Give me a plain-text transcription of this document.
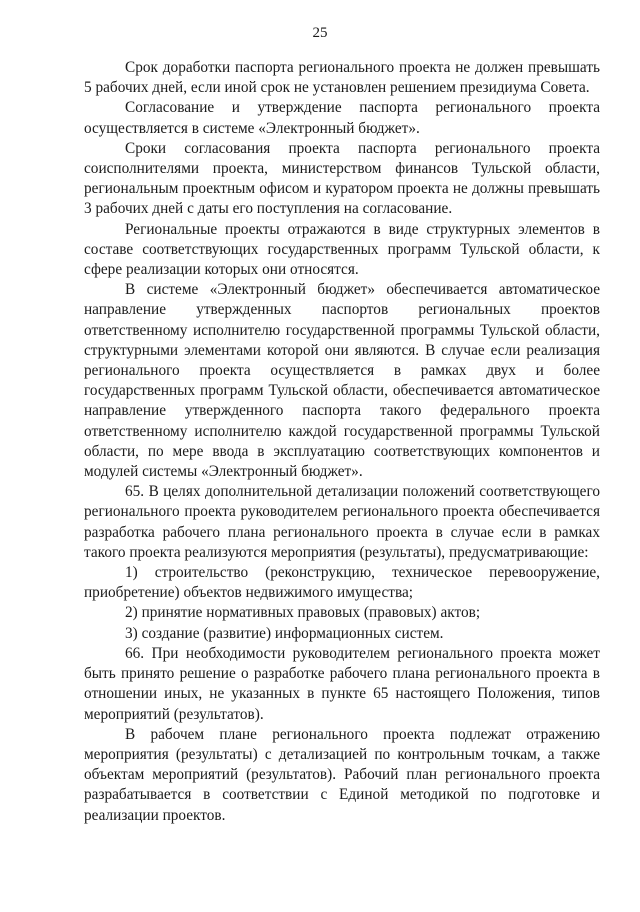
25

Срок доработки паспорта регионального проекта не должен превышать 5 рабочих дней, если иной срок не установлен решением президиума Совета.

Согласование и утверждение паспорта регионального проекта осуществляется в системе «Электронный бюджет».

Сроки согласования проекта паспорта регионального проекта соисполнителями проекта, министерством финансов Тульской области, региональным проектным офисом и куратором проекта не должны превышать 3 рабочих дней с даты его поступления на согласование.

Региональные проекты отражаются в виде структурных элементов в составе соответствующих государственных программ Тульской области, к сфере реализации которых они относятся.

В системе «Электронный бюджет» обеспечивается автоматическое направление утвержденных паспортов региональных проектов ответственному исполнителю государственной программы Тульской области, структурными элементами которой они являются. В случае если реализация регионального проекта осуществляется в рамках двух и более государственных программ Тульской области, обеспечивается автоматическое направление утвержденного паспорта такого федерального проекта ответственному исполнителю каждой государственной программы Тульской области, по мере ввода в эксплуатацию соответствующих компонентов и модулей системы «Электронный бюджет».

65. В целях дополнительной детализации положений соответствующего регионального проекта руководителем регионального проекта обеспечивается разработка рабочего плана регионального проекта в случае если в рамках такого проекта реализуются мероприятия (результаты), предусматривающие:

1) строительство (реконструкцию, техническое перевооружение, приобретение) объектов недвижимого имущества;

2) принятие нормативных правовых (правовых) актов;

3) создание (развитие) информационных систем.

66. При необходимости руководителем регионального проекта может быть принято решение о разработке рабочего плана регионального проекта в отношении иных, не указанных в пункте 65 настоящего Положения, типов мероприятий (результатов).

В рабочем плане регионального проекта подлежат отражению мероприятия (результаты) с детализацией по контрольным точкам, а также объектам мероприятий (результатов). Рабочий план регионального проекта разрабатывается в соответствии с Единой методикой по подготовке и реализации проектов.
